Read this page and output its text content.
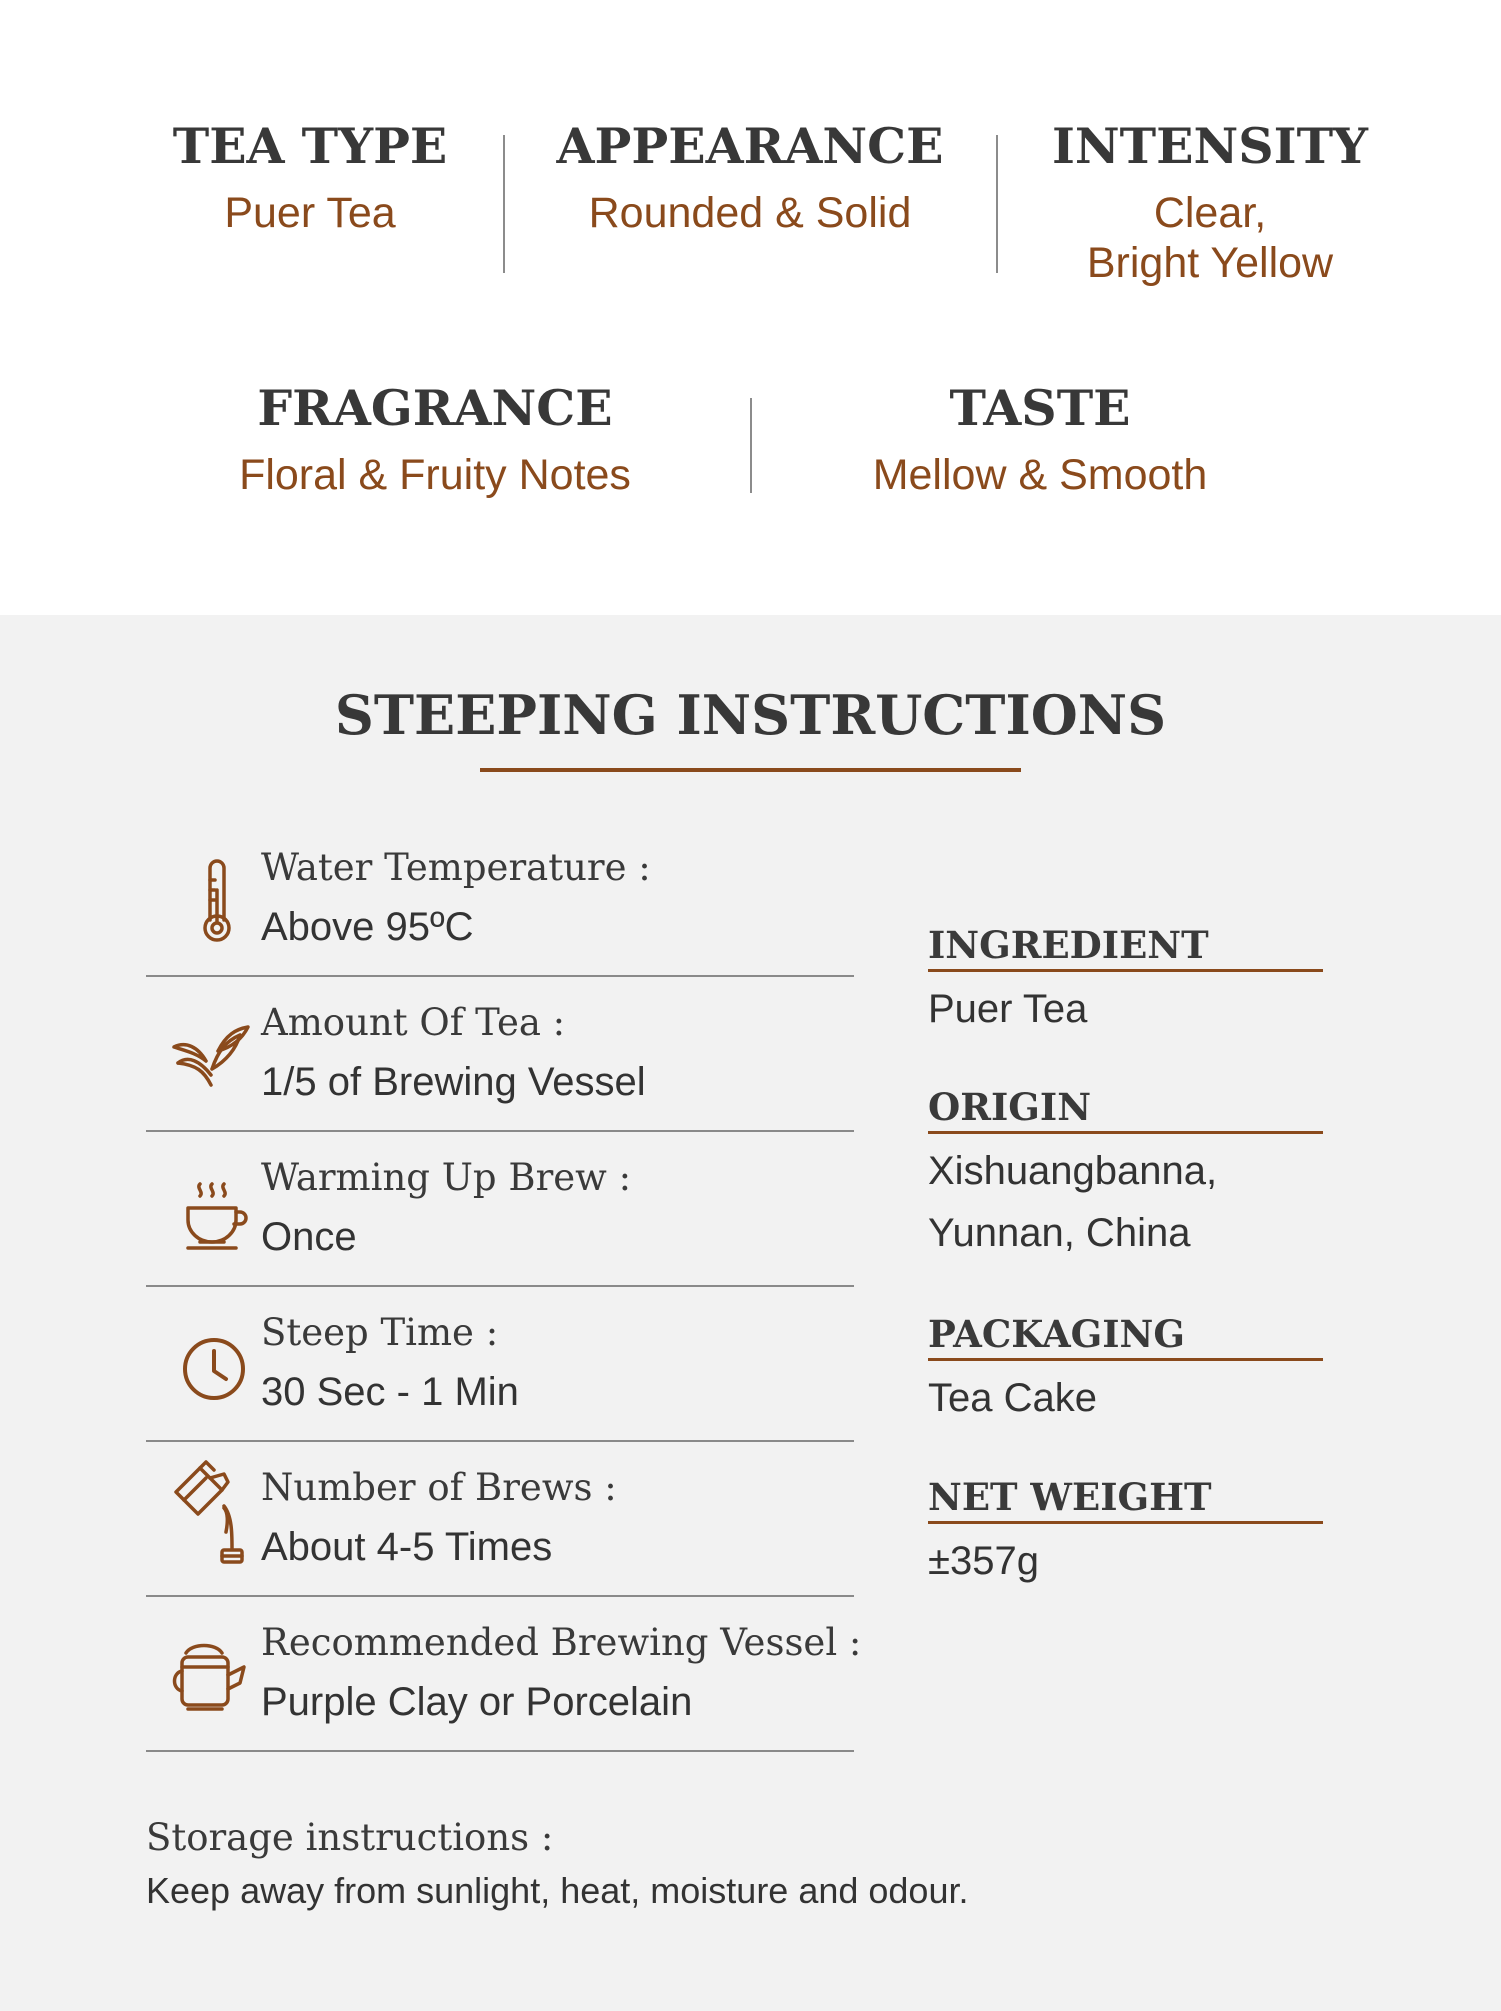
TEA TYPE
Puer Tea
APPEARANCE
Rounded & Solid
INTENSITY
Clear,
Bright Yellow
FRAGRANCE
Floral & Fruity Notes
TASTE
Mellow & Smooth
STEEPING INSTRUCTIONS
Water Temperature :
Above 95ºC
Amount Of Tea :
1/5 of Brewing Vessel
Warming Up Brew :
Once
Steep Time :
30 Sec - 1 Min
Number of Brews :
About 4-5 Times
Recommended Brewing Vessel :
Purple Clay or Porcelain
INGREDIENT
Puer Tea
ORIGIN
Xishuangbanna,
Yunnan, China
PACKAGING
Tea Cake
NET WEIGHT
±357g
Storage instructions :
Keep away from sunlight, heat, moisture and odour.
